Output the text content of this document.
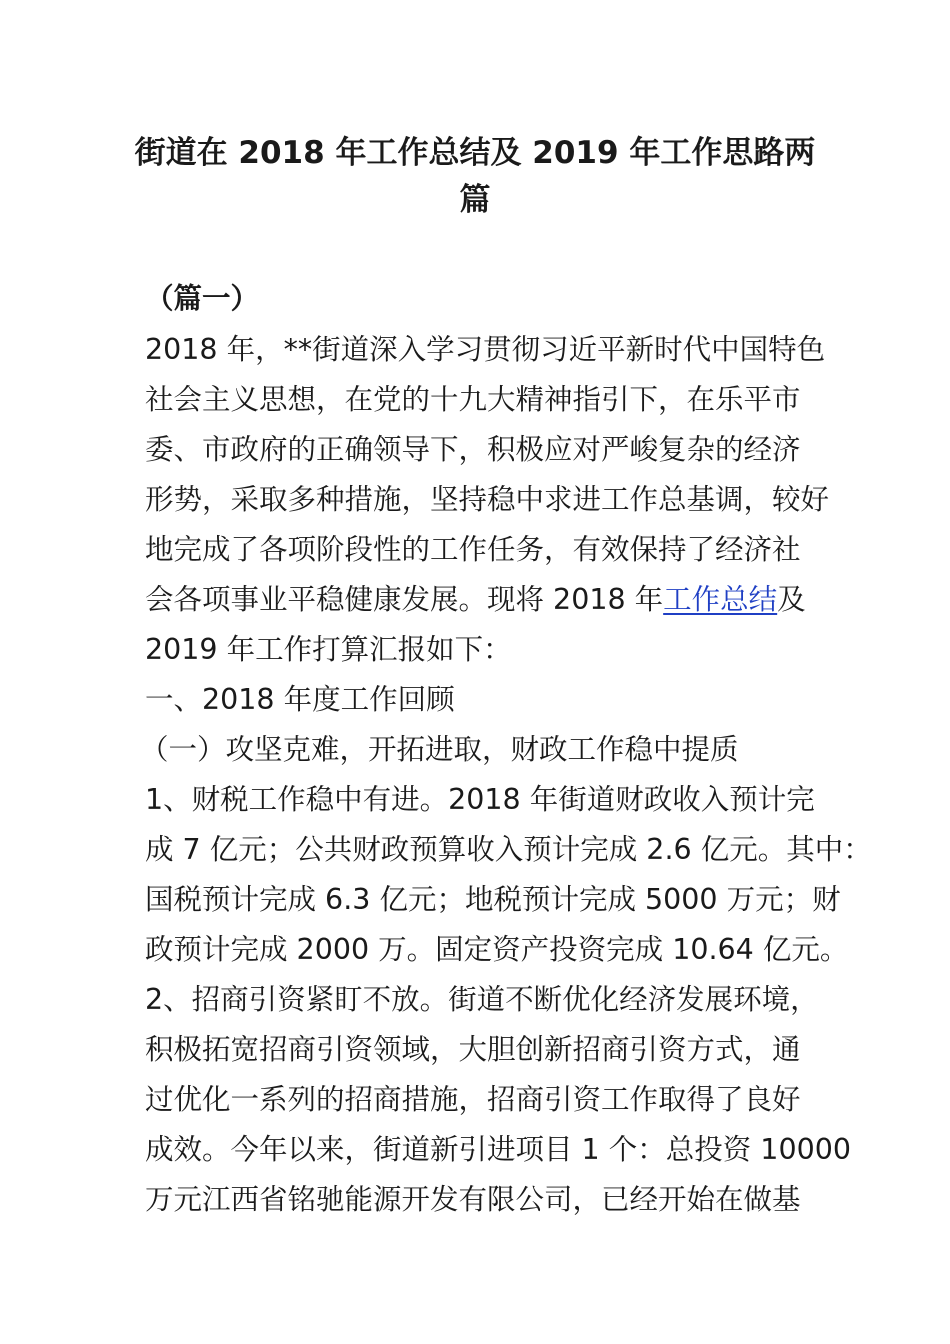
街道在 2018 年工作总结及 2019 年工作思路两
篇

（篇一）

2018 年，**街道深入学习贯彻习近平新时代中国特色

社会主义思想，在党的十九大精神指引下，在乐平市

委、市政府的正确领导下，积极应对严峻复杂的经济

形势，采取多种措施，坚持稳中求进工作总基调，较好

地完成了各项阶段性的工作任务，有效保持了经济社

会各项事业平稳健康发展。现将 2018 年工作总结及

2019 年工作打算汇报如下：

一、2018 年度工作回顾

（一）攻坚克难，开拓进取，财政工作稳中提质

1、财税工作稳中有进。2018 年街道财政收入预计完

成 7 亿元；公共财政预算收入预计完成 2.6 亿元。其中：

国税预计完成 6.3 亿元；地税预计完成 5000 万元；财

政预计完成 2000 万。固定资产投资完成 10.64 亿元。

2、招商引资紧盯不放。街道不断优化经济发展环境，

积极拓宽招商引资领域，大胆创新招商引资方式，通

过优化一系列的招商措施，招商引资工作取得了良好

成效。今年以来，街道新引进项目 1 个：总投资 10000

万元江西省铭驰能源开发有限公司，已经开始在做基
